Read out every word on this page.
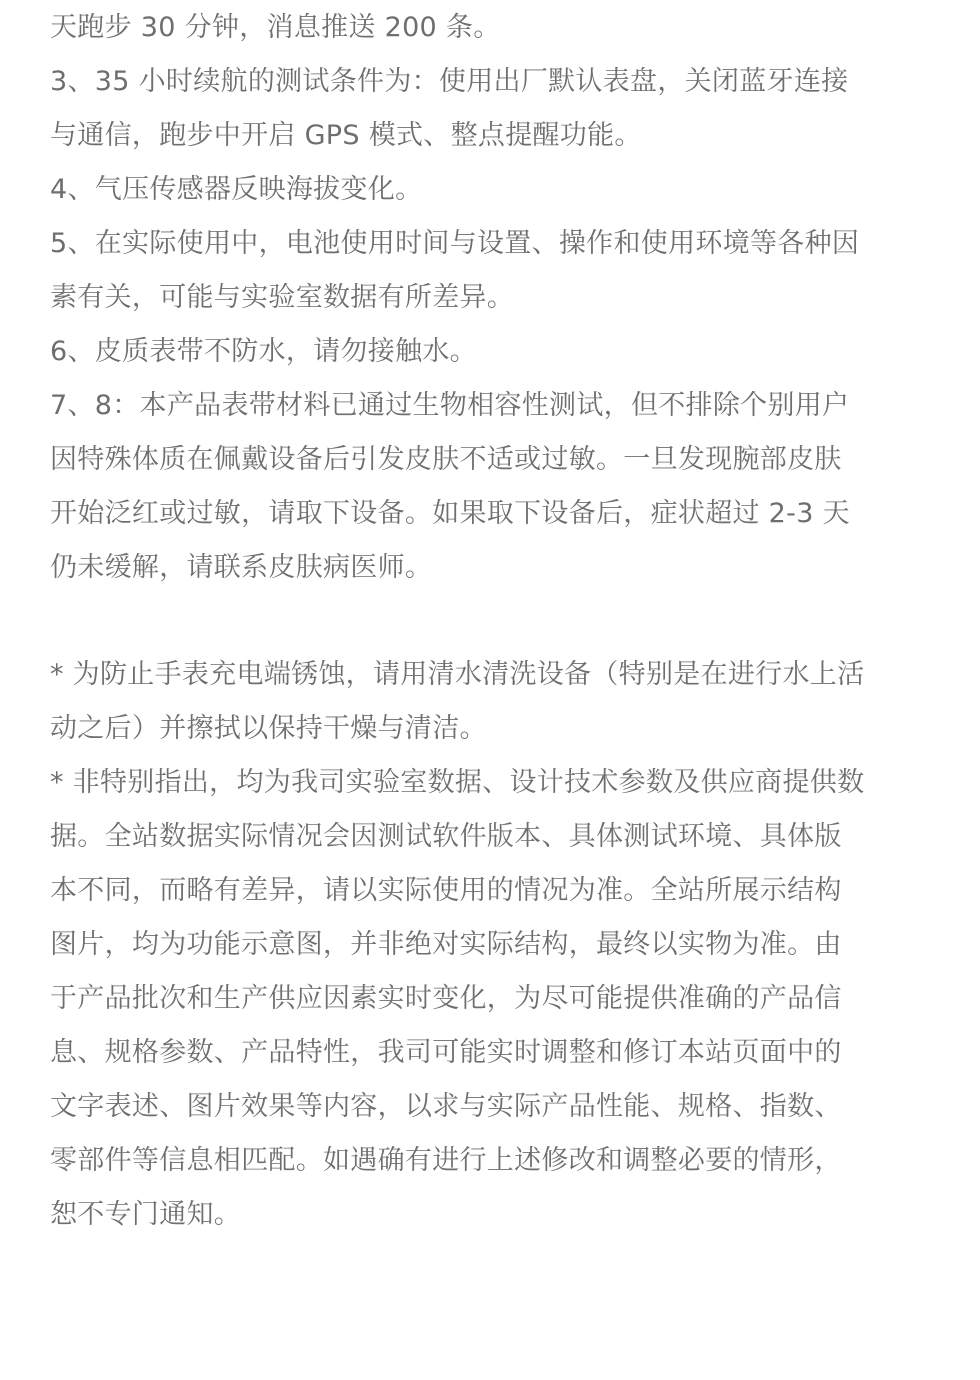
天跑步 30 分钟，消息推送 200 条。
3、35 小时续航的测试条件为：使用出厂默认表盘，关闭蓝牙连接
与通信，跑步中开启 GPS 模式、整点提醒功能。
4、气压传感器反映海拔变化。
5、在实际使用中，电池使用时间与设置、操作和使用环境等各种因
素有关，可能与实验室数据有所差异。
6、皮质表带不防水，请勿接触水。
7、8：本产品表带材料已通过生物相容性测试，但不排除个别用户
因特殊体质在佩戴设备后引发皮肤不适或过敏。一旦发现腕部皮肤
开始泛红或过敏，请取下设备。如果取下设备后，症状超过 2-3 天
仍未缓解，请联系皮肤病医师。
* 为防止手表充电端锈蚀，请用清水清洗设备（特别是在进行水上活
动之后）并擦拭以保持干燥与清洁。
* 非特别指出，均为我司实验室数据、设计技术参数及供应商提供数
据。全站数据实际情况会因测试软件版本、具体测试环境、具体版
本不同，而略有差异，请以实际使用的情况为准。全站所展示结构
图片，均为功能示意图，并非绝对实际结构，最终以实物为准。由
于产品批次和生产供应因素实时变化，为尽可能提供准确的产品信
息、规格参数、产品特性，我司可能实时调整和修订本站页面中的
文字表述、图片效果等内容，以求与实际产品性能、规格、指数、
零部件等信息相匹配。如遇确有进行上述修改和调整必要的情形，
恕不专门通知。
